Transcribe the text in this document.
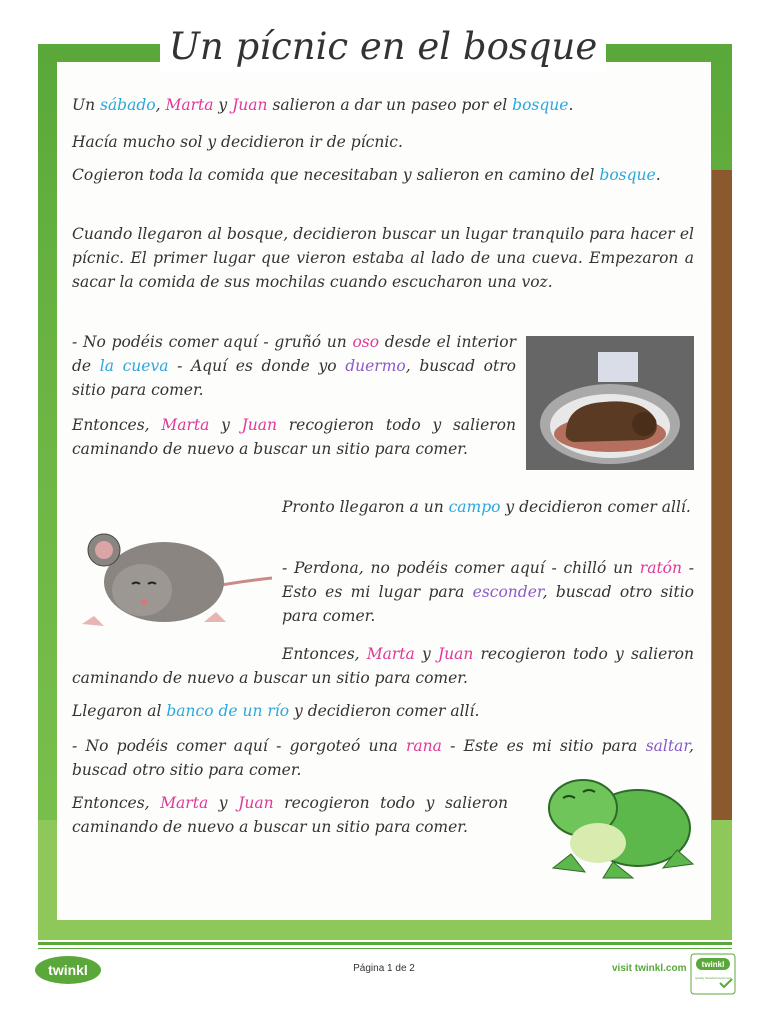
Un pícnic en el bosque
Un sábado, Marta y Juan salieron a dar un paseo por el bosque.
Hacía mucho sol y decidieron ir de pícnic.
Cogieron toda la comida que necesitaban y salieron en camino del bosque.
Cuando llegaron al bosque, decidieron buscar un lugar tranquilo para hacer el pícnic. El primer lugar que vieron estaba al lado de una cueva. Empezaron a sacar la comida de sus mochilas cuando escucharon una voz.
- No podéis comer aquí - gruñó un oso desde el interior de la cueva - Aquí es donde yo duermo, buscad otro sitio para comer.
Entonces, Marta y Juan recogieron todo y salieron caminando de nuevo a buscar un sitio para comer.
Pronto llegaron a un campo y decidieron comer allí.
- Perdona, no podéis comer aquí - chilló un ratón - Esto es mi lugar para esconder, buscad otro sitio para comer.
Entonces, Marta y Juan recogieron todo y salieron caminando de nuevo a buscar un sitio para comer.
Llegaron al banco de un río y decidieron comer allí.
- No podéis comer aquí - gorgoteó una rana - Este es mi sitio para saltar, buscad otro sitio para comer.
Entonces, Marta y Juan recogieron todo y salieron caminando de nuevo a buscar un sitio para comer.
twinkl	Página 1 de 2	visit twinkl.com twinkl
Quality Standard Approved
